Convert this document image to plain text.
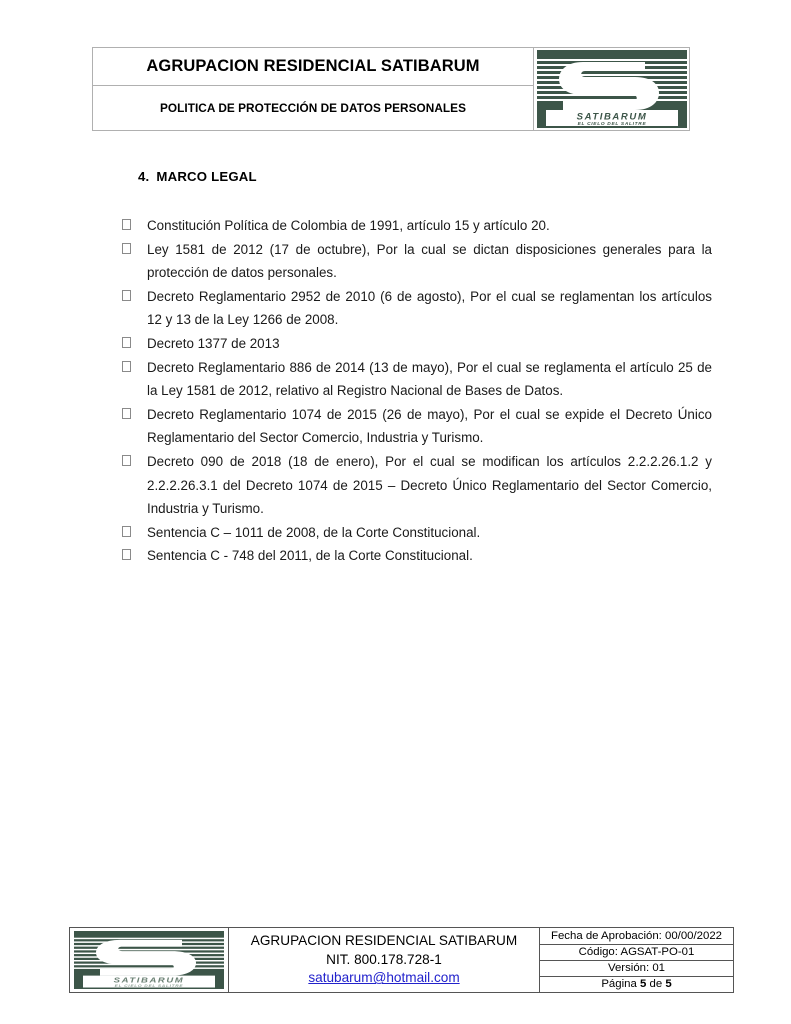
AGRUPACION RESIDENCIAL SATIBARUM

SATIBARUM
EL CIELO DEL SALITRE

POLITICA DE PROTECCIÓN DE DATOS PERSONALES
4. MARCO LEGAL
Constitución Política de Colombia de 1991, artículo 15 y artículo 20.
Ley 1581 de 2012 (17 de octubre), Por la cual se dictan disposiciones generales para la protección de datos personales.
Decreto Reglamentario 2952 de 2010 (6 de agosto), Por el cual se reglamentan los artículos 12 y 13 de la Ley 1266 de 2008.
Decreto 1377 de 2013
Decreto Reglamentario 886 de 2014 (13 de mayo), Por el cual se reglamenta el artículo 25 de la Ley 1581 de 2012, relativo al Registro Nacional de Bases de Datos.
Decreto Reglamentario 1074 de 2015 (26 de mayo), Por el cual se expide el Decreto Único Reglamentario del Sector Comercio, Industria y Turismo.
Decreto 090 de 2018 (18 de enero), Por el cual se modifican los artículos 2.2.2.26.1.2 y 2.2.2.26.3.1 del Decreto 1074 de 2015 – Decreto Único Reglamentario del Sector Comercio, Industria y Turismo.
Sentencia C – 1011 de 2008, de la Corte Constitucional.
Sentencia C - 748 del 2011, de la Corte Constitucional.
SATIBARUM
EL CIELO DEL SALITRE

AGRUPACION RESIDENCIAL SATIBARUM
NIT. 800.178.728-1
satubarum@hotmail.com

Fecha de Aprobación: 00/00/2022
Código: AGSAT-PO-01
Versión: 01
Página 5 de 5
